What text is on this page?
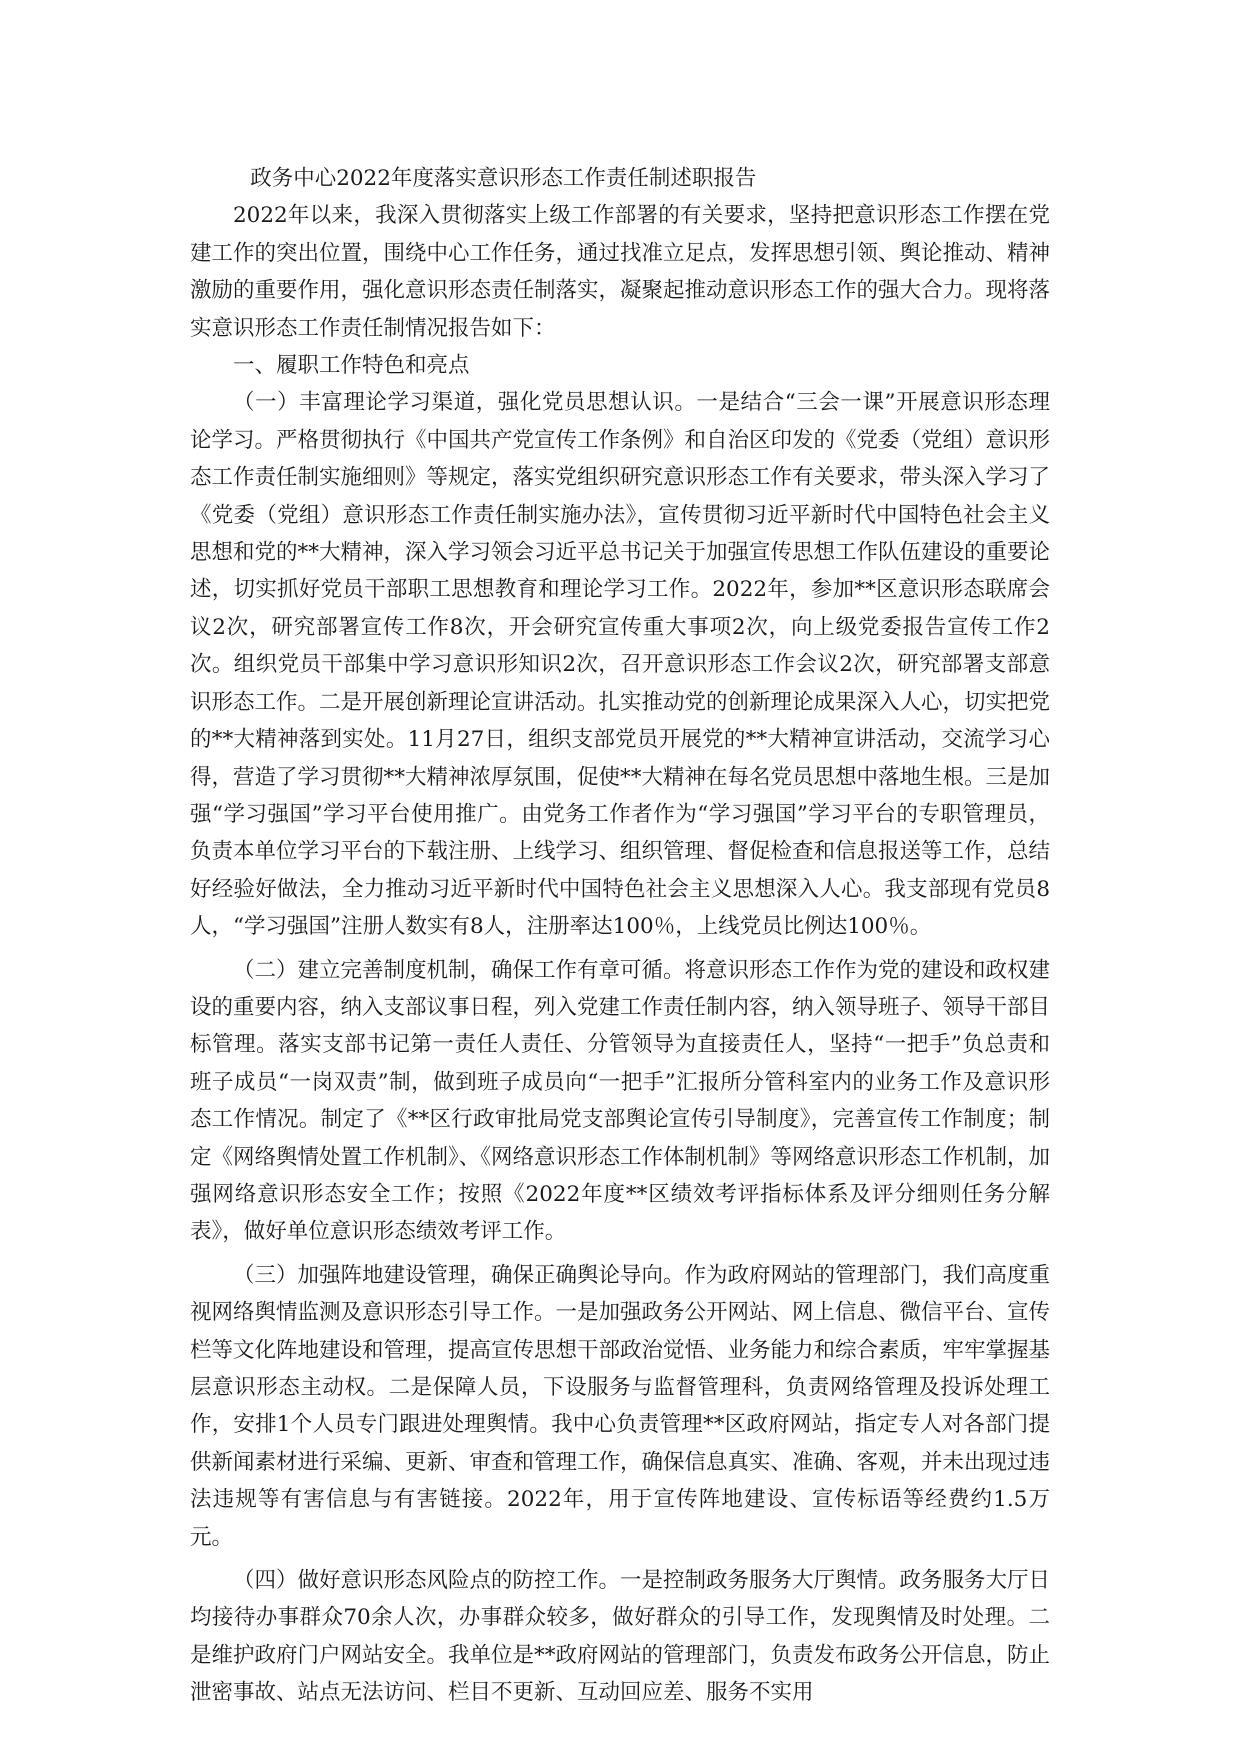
政务中心2022年度落实意识形态工作责任制述职报告

2022年以来，我深入贯彻落实上级工作部署的有关要求，坚持把意识形态工作摆在党建工作的突出位置，围绕中心工作任务，通过找准立足点，发挥思想引领、舆论推动、精神激励的重要作用，强化意识形态责任制落实，凝聚起推动意识形态工作的强大合力。现将落实意识形态工作责任制情况报告如下：

一、履职工作特色和亮点

（一）丰富理论学习渠道，强化党员思想认识。一是结合“三会一课”开展意识形态理论学习。严格贯彻执行《中国共产党宣传工作条例》和自治区印发的《党委（党组）意识形态工作责任制实施细则》等规定，落实党组织研究意识形态工作有关要求，带头深入学习了《党委（党组）意识形态工作责任制实施办法》，宣传贯彻习近平新时代中国特色社会主义思想和党的**大精神，深入学习领会习近平总书记关于加强宣传思想工作队伍建设的重要论述，切实抓好党员干部职工思想教育和理论学习工作。2022年，参加**区意识形态联席会议2次，研究部署宣传工作8次，开会研究宣传重大事项2次，向上级党委报告宣传工作2次。组织党员干部集中学习意识形知识2次，召开意识形态工作会议2次，研究部署支部意识形态工作。二是开展创新理论宣讲活动。扎实推动党的创新理论成果深入人心，切实把党的**大精神落到实处。11月27日，组织支部党员开展党的**大精神宣讲活动，交流学习心得，营造了学习贯彻**大精神浓厚氛围，促使**大精神在每名党员思想中落地生根。三是加强“学习强国”学习平台使用推广。由党务工作者作为“学习强国”学习平台的专职管理员，负责本单位学习平台的下载注册、上线学习、组织管理、督促检查和信息报送等工作，总结好经验好做法，全力推动习近平新时代中国特色社会主义思想深入人心。我支部现有党员8人，“学习强国”注册人数实有8人，注册率达100％，上线党员比例达100％。

（二）建立完善制度机制，确保工作有章可循。将意识形态工作作为党的建设和政权建设的重要内容，纳入支部议事日程，列入党建工作责任制内容，纳入领导班子、领导干部目标管理。落实支部书记第一责任人责任、分管领导为直接责任人，坚持“一把手”负总责和班子成员“一岗双责”制，做到班子成员向“一把手”汇报所分管科室内的业务工作及意识形态工作情况。制定了《**区行政审批局党支部舆论宣传引导制度》，完善宣传工作制度；制定《网络舆情处置工作机制》、《网络意识形态工作体制机制》等网络意识形态工作机制，加强网络意识形态安全工作；按照《2022年度**区绩效考评指标体系及评分细则任务分解表》，做好单位意识形态绩效考评工作。

（三）加强阵地建设管理，确保正确舆论导向。作为政府网站的管理部门，我们高度重视网络舆情监测及意识形态引导工作。一是加强政务公开网站、网上信息、微信平台、宣传栏等文化阵地建设和管理，提高宣传思想干部政治觉悟、业务能力和综合素质，牢牢掌握基层意识形态主动权。二是保障人员，下设服务与监督管理科，负责网络管理及投诉处理工作，安排1个人员专门跟进处理舆情。我中心负责管理**区政府网站，指定专人对各部门提供新闻素材进行采编、更新、审查和管理工作，确保信息真实、准确、客观，并未出现过违法违规等有害信息与有害链接。2022年，用于宣传阵地建设、宣传标语等经费约1.5万元。

（四）做好意识形态风险点的防控工作。一是控制政务服务大厅舆情。政务服务大厅日均接待办事群众70余人次，办事群众较多，做好群众的引导工作，发现舆情及时处理。二是维护政府门户网站安全。我单位是**政府网站的管理部门，负责发布政务公开信息，防止泄密事故、站点无法访问、栏目不更新、互动回应差、服务不实用
